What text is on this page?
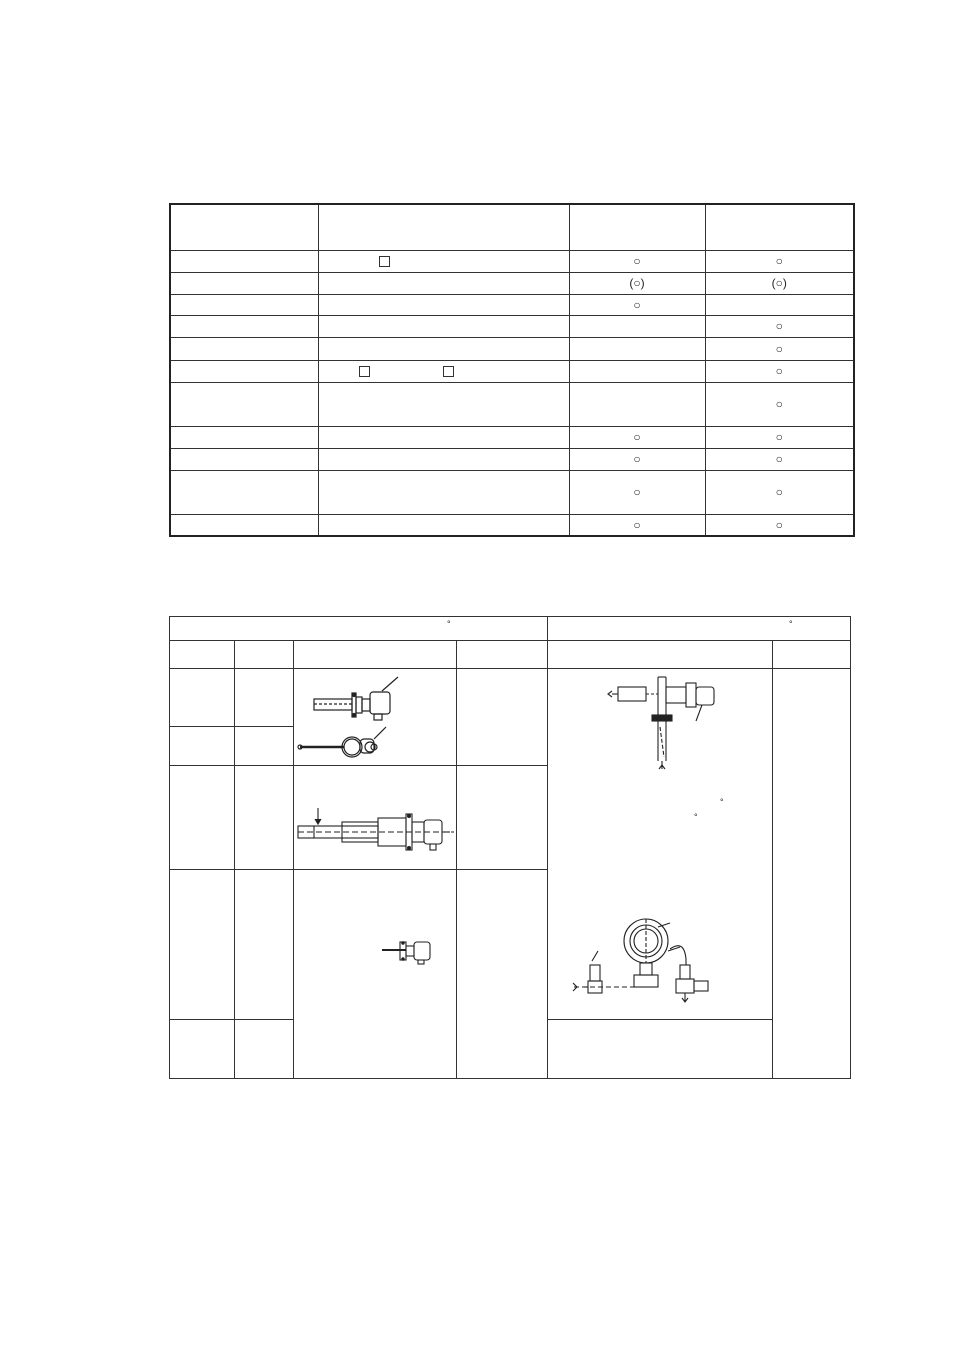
		○	○
		(○)	(○)
		○	
			○
			○
			○
			○
		○	○
		○	○
		○	○
		○	○
°				°	

°
°	
